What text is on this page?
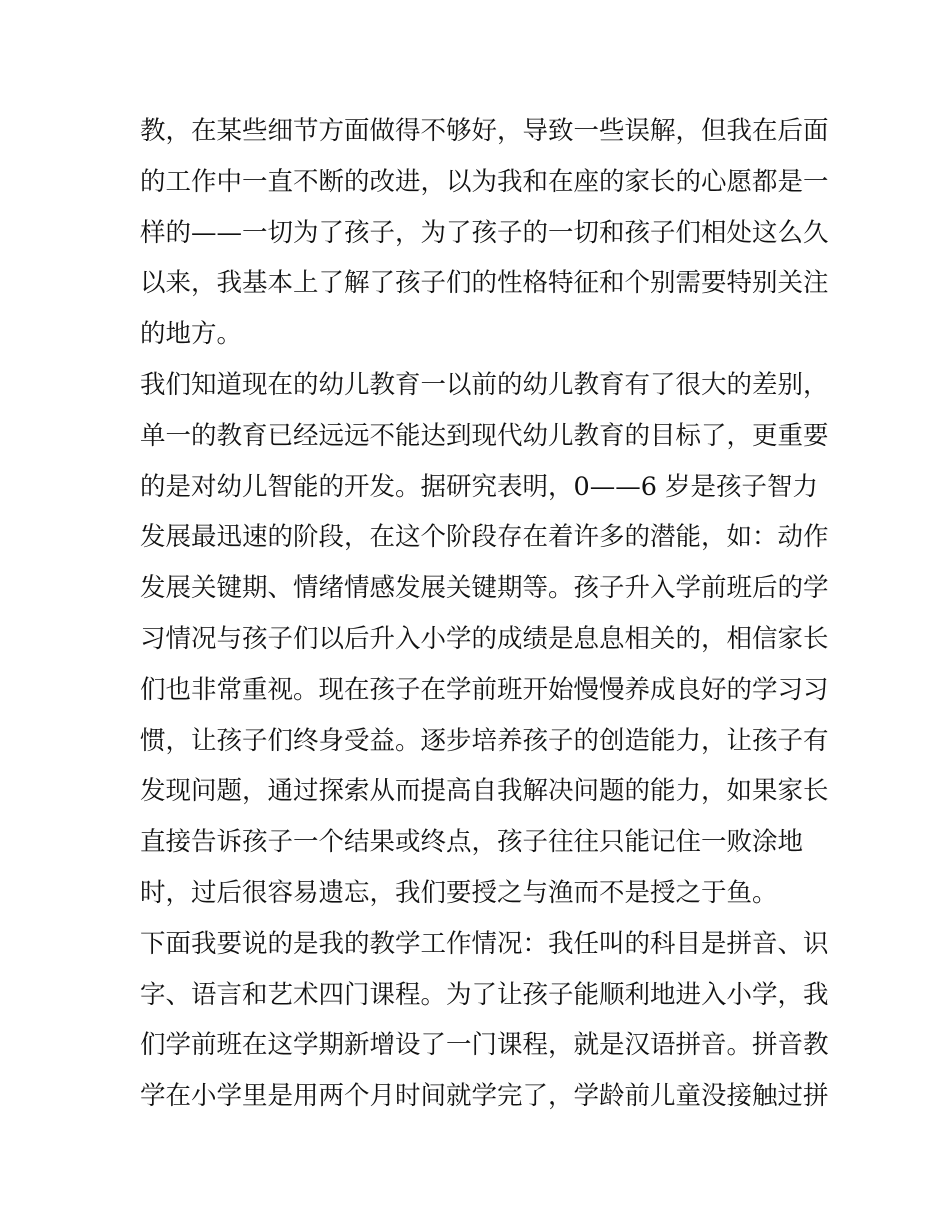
教，在某些细节方面做得不够好，导致一些误解，但我在后面
的工作中一直不断的改进，以为我和在座的家长的心愿都是一
样的——一切为了孩子，为了孩子的一切和孩子们相处这么久
以来，我基本上了解了孩子们的性格特征和个别需要特别关注
的地方。
我们知道现在的幼儿教育一以前的幼儿教育有了很大的差别，
单一的教育已经远远不能达到现代幼儿教育的目标了，更重要
的是对幼儿智能的开发。据研究表明，0——6 岁是孩子智力
发展最迅速的阶段，在这个阶段存在着许多的潜能，如：动作
发展关键期、情绪情感发展关键期等。孩子升入学前班后的学
习情况与孩子们以后升入小学的成绩是息息相关的，相信家长
们也非常重视。现在孩子在学前班开始慢慢养成良好的学习习
惯，让孩子们终身受益。逐步培养孩子的创造能力，让孩子有
发现问题，通过探索从而提高自我解决问题的能力，如果家长
直接告诉孩子一个结果或终点，孩子往往只能记住一败涂地
时，过后很容易遗忘，我们要授之与渔而不是授之于鱼。
下面我要说的是我的教学工作情况：我任叫的科目是拼音、识
字、语言和艺术四门课程。为了让孩子能顺利地进入小学，我
们学前班在这学期新增设了一门课程，就是汉语拼音。拼音教
学在小学里是用两个月时间就学完了，学龄前儿童没接触过拼
